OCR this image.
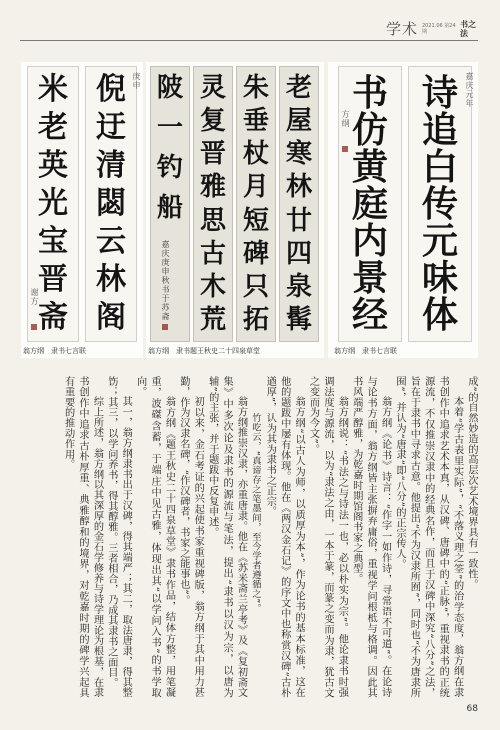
学术 2021.06 第24期
书之
法
倪
迂
清
閟
云
林
阁
米
老
英
光
宝
晋
斋
庚申
谢方
翁方纲　隶书七言联
老
屋
寒
林
廿
四
泉
髯
朱
垂
杖
月
短
碑
只
拓
灵
复
晋
雅
思
古
木
荒
陂
一
钓
船
嘉庆庚申秋书于苏斋
翁方纲　隶书题王秋史二十四泉草堂
诗
追
白
传
元
味
体
书
仿
黄
庭
内
景
经
嘉庆元年
方纲
翁方纲　隶书七言联

成”的自然妙造的高层次艺术境界具有一致性。

本着“学古表里实际”，“不落义理之筌”的治学态度，翁方纲在隶书创作中追求艺术本真，从汉碑、唐碑中的“正脉”，重视隶书的正统源流，不仅推崇汉隶中的经典名作，而且于汉碑中深究“八分”之法，旨在于隶书中寻求古意。他提出“不为汉隶所囿”，同时也“不为唐隶所囿”，并认为“唐隶”即“八分”的正宗传人。

翁方纲《论书》诗言：“作字一如作诗，寻常语不可道”。在论诗与论书方面，翁方纲皆主张摒弃庸俗，重视学问根柢与格调。因此其书风端严醇雅，为乾嘉时期馆阁书家之典型。

翁方纲说：“书法之与诗法一也，必以朴实为宗”。他论隶书时强调法度与源流，以为“隶法之由，一本于篆，而篆之变而为隶，犹古文之变而为今文”。

翁方纲“以古人为师，以质厚为本”，作为论书的基本标准，这在他的题跋中屡有体现。他在《两汉金石记》的序文中也称赏汉碑“古朴遒厚”，认为其为隶书之正宗。

竹吃云，“真谛存之笔墨间，至今学者遵循之”。

翁方纲推崇汉隶，亦重唐隶。他在《苏米斋兰亭考》及《复初斋文集》中多次论及隶书的源流与笔法，提出“隶书以汉为宗，以唐为辅”的主张，并于题跋中反复申述。

初以来，金石考证的兴起使书家重视碑版，翁方纲于其中用力甚勤，作为汉隶名碑，“作汉碑者，书家之能事也”。

翁方纲《题王秋史二十四泉草堂》隶书作品，结体方整，用笔凝重，波磔含蓄，于端庄中见古雅，体现出其“以学问入书”的书学取向。

其一，翁方纲隶书出于汉碑，得其端严；其二，取法唐隶，得其整饬；其三，以学问养书，得其醇雅。三者相合，乃成其隶书之面目。

综上所述，翁方纲以其深厚的金石学修养与诗学理论为根基，在隶书创作中追求古朴厚重、典雅醇和的境界，对乾嘉时期的碑学兴起具有重要的推动作用。

68
